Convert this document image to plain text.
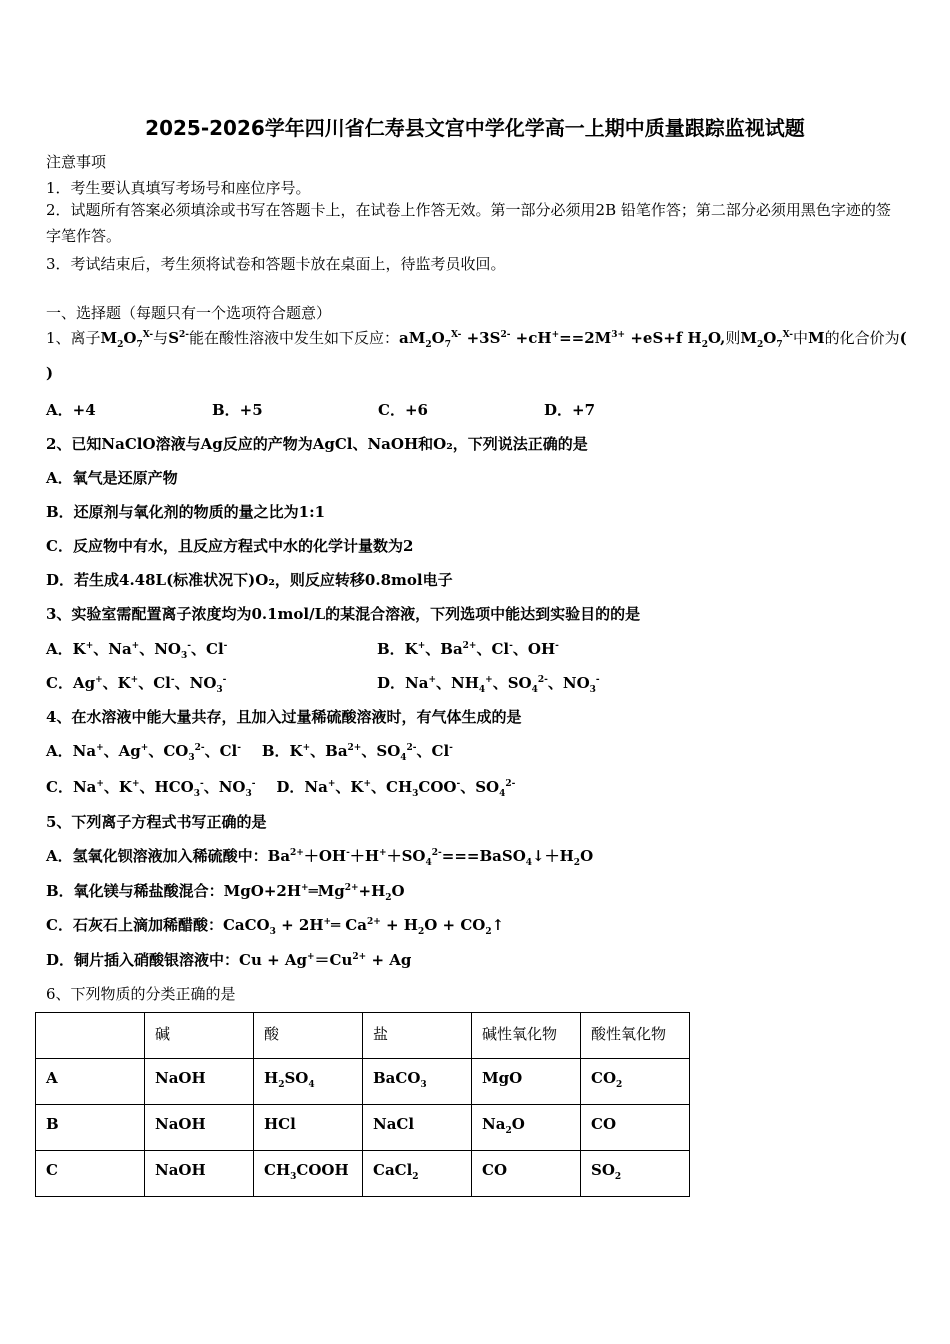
2025-2026学年四川省仁寿县文宫中学化学高一上期中质量跟踪监视试题
注意事项
1．考生要认真填写考场号和座位序号。
2．试题所有答案必须填涂或书写在答题卡上，在试卷上作答无效。第一部分必须用2B 铅笔作答；第二部分必须用黑色字迹的签字笔作答。
3．考试结束后，考生须将试卷和答题卡放在桌面上，待监考员收回。
一、选择题（每题只有一个选项符合题意）
1、离子$M_2O_7^{X-}$与$S^{2-}$能在酸性溶液中发生如下反应：$aM_2O_7^{X-} +3S^{2-} +cH^+==2M^{3+} +eS+f$ $H_2O$,则$M_2O_7^{X-}$中M的化合价为(
)
A．+4	B．+5	C．+6	D．+7
2、已知NaClO溶液与Ag反应的产物为AgCl、NaOH和O₂，下列说法正确的是
A．氧气是还原产物
B．还原剂与氧化剂的物质的量之比为1:1
C．反应物中有水，且反应方程式中水的化学计量数为2
D．若生成4.48L(标准状况下)O₂，则反应转移0.8mol电子
3、实验室需配置离子浓度均为0.1mol/L的某混合溶液，下列选项中能达到实验目的的是
A．K+、Na+、$NO_3^-$、Cl-	B．K+、$Ba^{2+}$、Cl-、OH-
C．Ag+、K+、Cl-、$NO_3^-$	D．Na+、$NH_4^+$、$SO_4^{2-}$、$NO_3^-$
4、在水溶液中能大量共存，且加入过量稀硫酸溶液时，有气体生成的是
A．Na+、Ag+、$CO_3^{2-}$、Cl- B．K+、$Ba^{2+}$、$SO_4^{2-}$、Cl-
C．Na+、K+、$HCO_3^-$、$NO_3^-$ D．Na+、K+、$CH_3COO^-$、$SO_4^{2-}$
5、下列离子方程式书写正确的是
A．氢氧化钡溶液加入稀硫酸中：$Ba^{2+}+OH^-+H^++SO_4^{2-}===BaSO_4↓+H_2O$
B．氧化镁与稀盐酸混合：$MgO+2H^+═Mg^{2+}+H_2O$
C．石灰石上滴加稀醋酸：CaCO$_3$ + 2H+═ $Ca^{2+} + H_2O$ + $CO_2↑$
D．铜片插入硝酸银溶液中：$Cu + Ag^+=Cu^{2+} + Ag$
6、下列物质的分类正确的是
	碱	酸	盐	碱性氧化物	酸性氧化物
A	NaOH	$H_2SO_4$	BaCO$_3$	MgO	$CO_2$
B	NaOH	HCl	NaCl	$Na_2O$	CO
C	NaOH	$CH_3COOH$	CaCl$_2$	CO	$SO_2$
